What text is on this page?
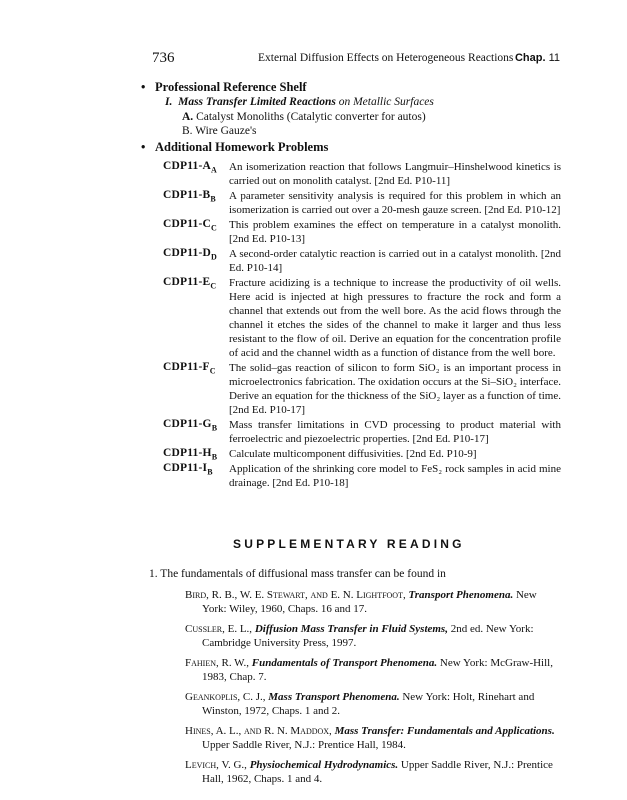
736	External Diffusion Effects on Heterogeneous Reactions Chap. 11
• Professional Reference Shelf
I. Mass Transfer Limited Reactions on Metallic Surfaces
A. Catalyst Monoliths (Catalytic converter for autos)
B. Wire Gauze's
• Additional Homework Problems
$CDP11-A_A$ An isomerization reaction that follows Langmuir–Hinshelwood kinetics is carried out on monolith catalyst. [2nd Ed. P10-11]
$CDP11-B_B$ A parameter sensitivity analysis is required for this problem in which an isomerization is carried out over a 20-mesh gauze screen. [2nd Ed. P10-12]
$CDP11-C_C$ This problem examines the effect on temperature in a catalyst monolith. [2nd Ed. P10-13]
$CDP11-D_D$ A second-order catalytic reaction is carried out in a catalyst monolith. [2nd Ed. P10-14]
$CDP11-E_C$ Fracture acidizing is a technique to increase the productivity of oil wells. Here acid is injected at high pressures to fracture the rock and form a channel that extends out from the well bore. As the acid flows through the channel it etches the sides of the channel to make it larger and thus less resistant to the flow of oil. Derive an equation for the concentration profile of acid and the channel width as a function of distance from the well bore.
$CDP11-F_C$ The solid–gas reaction of silicon to form SiO₂ is an important process in microelectronics fabrication. The oxidation occurs at the Si–SiO₂ interface. Derive an equation for the thickness of the SiO₂ layer as a function of time. [2nd Ed. P10-17]
$CDP11-G_B$ Mass transfer limitations in CVD processing to product material with ferroelectric and piezoelectric properties. [2nd Ed. P10-17]
$CDP11-H_B$ Calculate multicomponent diffusivities. [2nd Ed. P10-9]
$CDP11-I_B$ Application of the shrinking core model to FeS₂ rock samples in acid mine drainage. [2nd Ed. P10-18]
SUPPLEMENTARY READING
1. The fundamentals of diffusional mass transfer can be found in
Bird, R. B., W. E. Stewart, and E. N. Lightfoot, Transport Phenomena. New York: Wiley, 1960, Chaps. 16 and 17.
Cussler, E. L., Diffusion Mass Transfer in Fluid Systems, 2nd ed. New York: Cambridge University Press, 1997.
Fahien, R. W., Fundamentals of Transport Phenomena. New York: McGraw-Hill, 1983, Chap. 7.
Geankoplis, C. J., Mass Transport Phenomena. New York: Holt, Rinehart and Winston, 1972, Chaps. 1 and 2.
Hines, A. L., and R. N. Maddox, Mass Transfer: Fundamentals and Applications. Upper Saddle River, N.J.: Prentice Hall, 1984.
Levich, V. G., Physiochemical Hydrodynamics. Upper Saddle River, N.J.: Prentice Hall, 1962, Chaps. 1 and 4.
